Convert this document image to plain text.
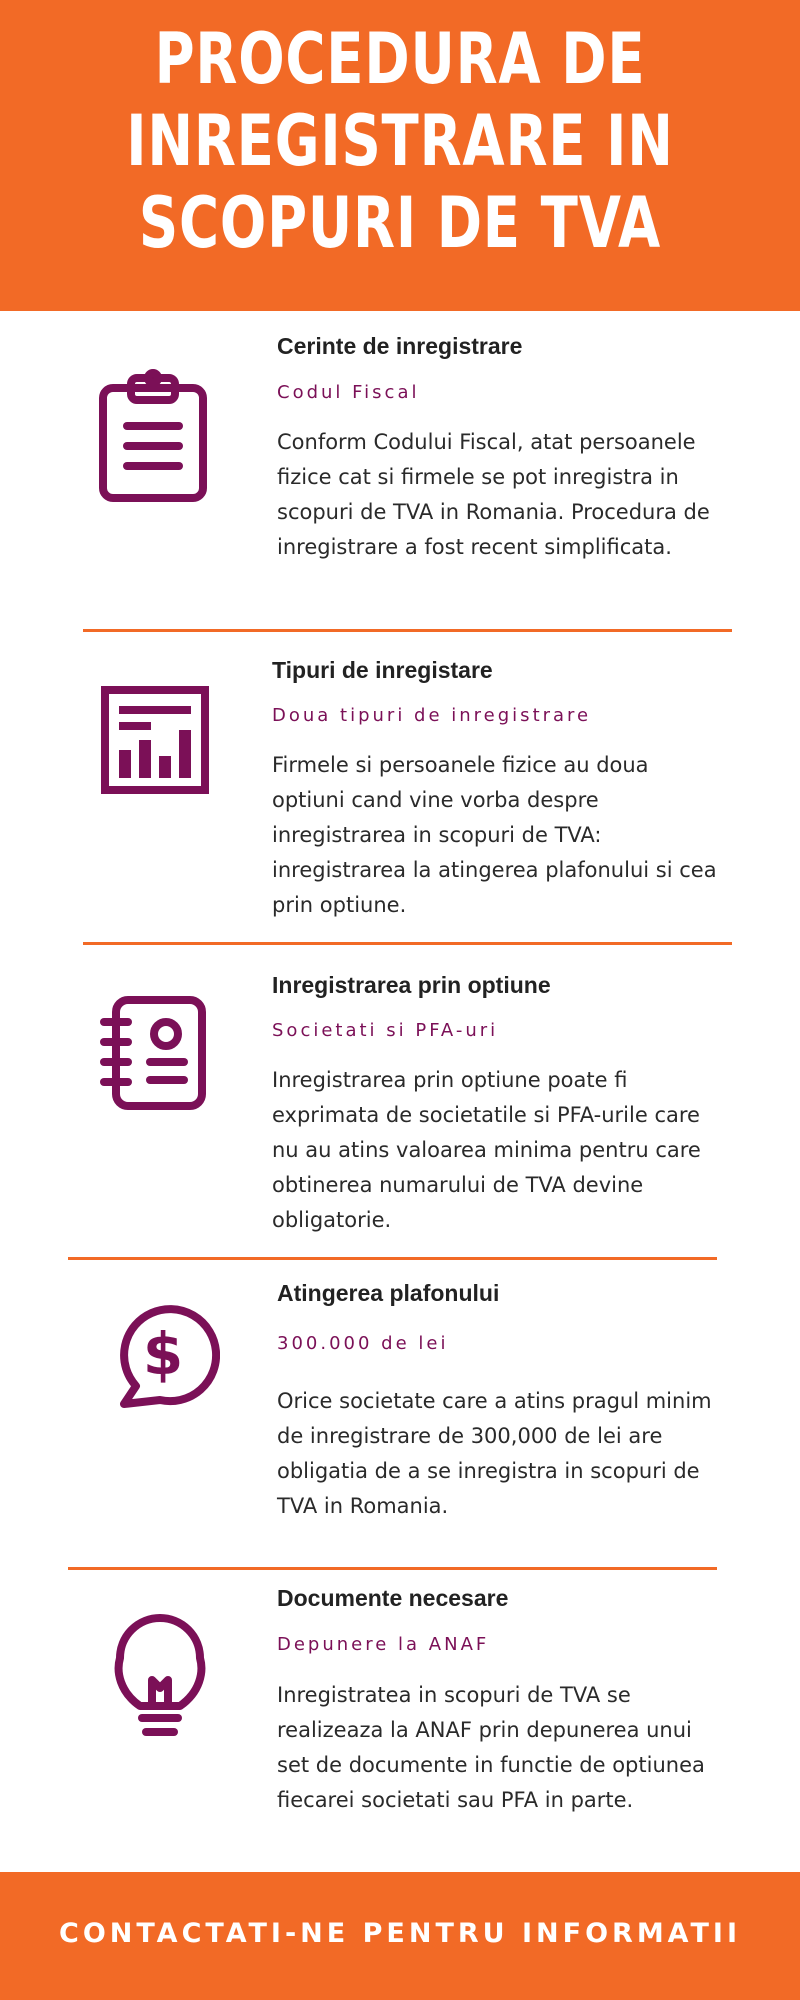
PROCEDURA DE
INREGISTRARE IN
SCOPURI DE TVA
Cerinte de inregistrare
Codul Fiscal
Conform Codului Fiscal, atat persoanele fizice cat si firmele se pot inregistra in scopuri de TVA in Romania. Procedura de inregistrare a fost recent simplificata.
Tipuri de inregistare
Doua tipuri de inregistrare
Firmele si persoanele fizice au doua optiuni cand vine vorba despre inregistrarea in scopuri de TVA: inregistrarea la atingerea plafonului si cea prin optiune.
Inregistrarea prin optiune
Societati si PFA-uri
Inregistrarea prin optiune poate fi exprimata de societatile si PFA-urile care nu au atins valoarea minima pentru care obtinerea numarului de TVA devine obligatorie.
$
Atingerea plafonului
300.000 de lei
Orice societate care a atins pragul minim de inregistrare de 300,000 de lei are obligatia de a se inregistra in scopuri de TVA in Romania.
Documente necesare
Depunere la ANAF
Inregistratea in scopuri de TVA se realizeaza la ANAF prin depunerea unui set de documente in functie de optiunea fiecarei societati sau PFA in parte.
CONTACTATI-NE PENTRU INFORMATII
